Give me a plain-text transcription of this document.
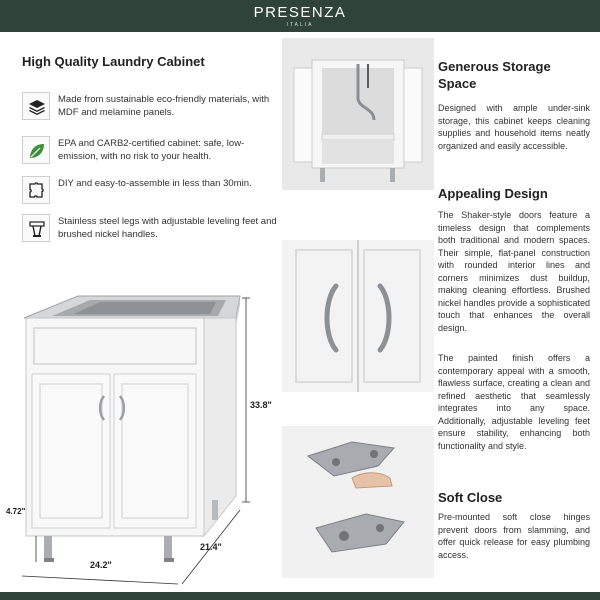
PRESENZA
ITALIA
High Quality Laundry Cabinet
Made from sustainable eco-friendly materials, with MDF and melamine panels.
EPA and CARB2-certified cabinet: safe, low-emission, with no risk to your health.
DIY and easy-to-assemble in less than 30min.
Stainless steel legs with adjustable leveling feet and brushed nickel handles.
33.8"
4.72"
24.2"
21.4"
Generous Storage
Space
Designed with ample under-sink storage, this cabinet keeps cleaning supplies and household items neatly organized and easily accessible.
Appealing Design
The Shaker-style doors feature a timeless design that complements both traditional and modern spaces. Their simple, flat-panel construction with rounded interior lines and corners minimizes dust buildup, making cleaning effortless. Brushed nickel handles provide a sophisticated touch that enhances the overall design.
The painted finish offers a contemporary appeal with a smooth, flawless surface, creating a clean and refined aesthetic that seamlessly integrates into any space. Additionally, adjustable leveling feet ensure stability, enhancing both functionality and style.
Soft Close
Pre-mounted soft close hinges prevent doors from slamming, and offer quick release for easy plumbing access.
